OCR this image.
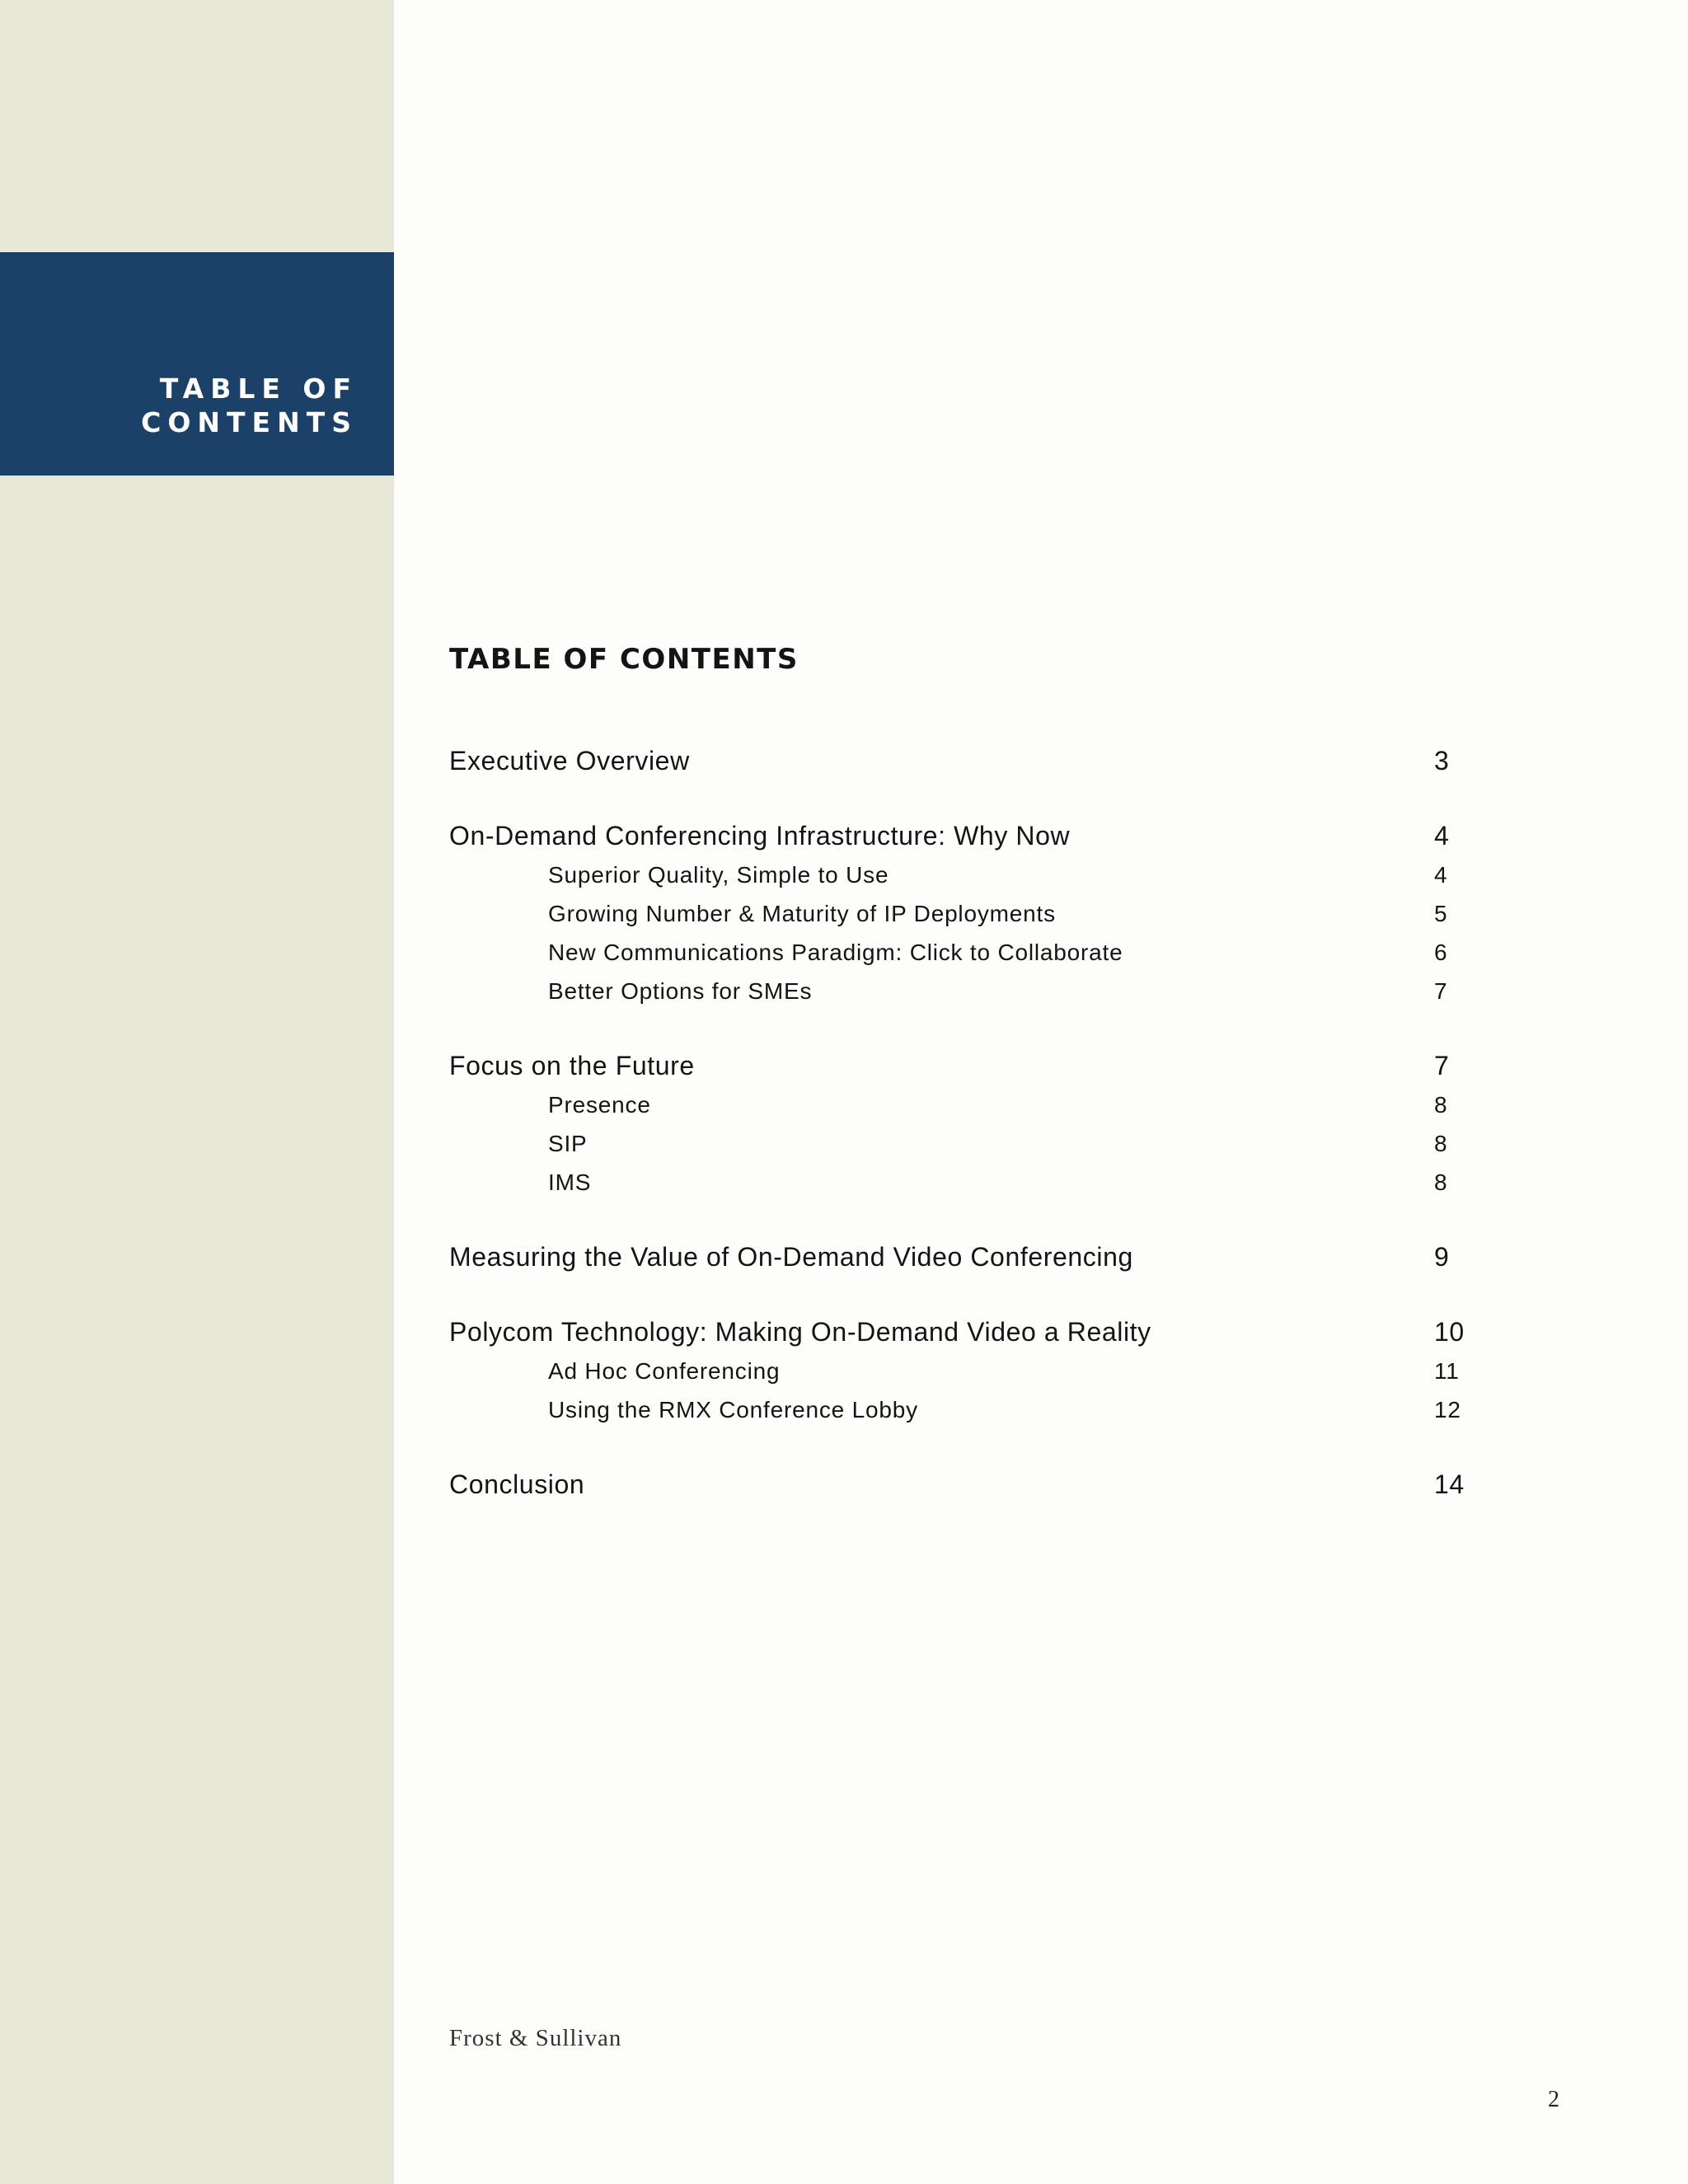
TABLE OF
CONTENTS
TABLE OF CONTENTS
Executive Overview	3
On-Demand Conferencing Infrastructure: Why Now	4
Superior Quality, Simple to Use	4
Growing Number & Maturity of IP Deployments	5
New Communications Paradigm: Click to Collaborate	6
Better Options for SMEs	7
Focus on the Future	7
Presence	8
SIP	8
IMS	8
Measuring the Value of On-Demand Video Conferencing	9
Polycom Technology: Making On-Demand Video a Reality	10
Ad Hoc Conferencing	11
Using the RMX Conference Lobby	12
Conclusion	14
Frost & Sullivan
2
